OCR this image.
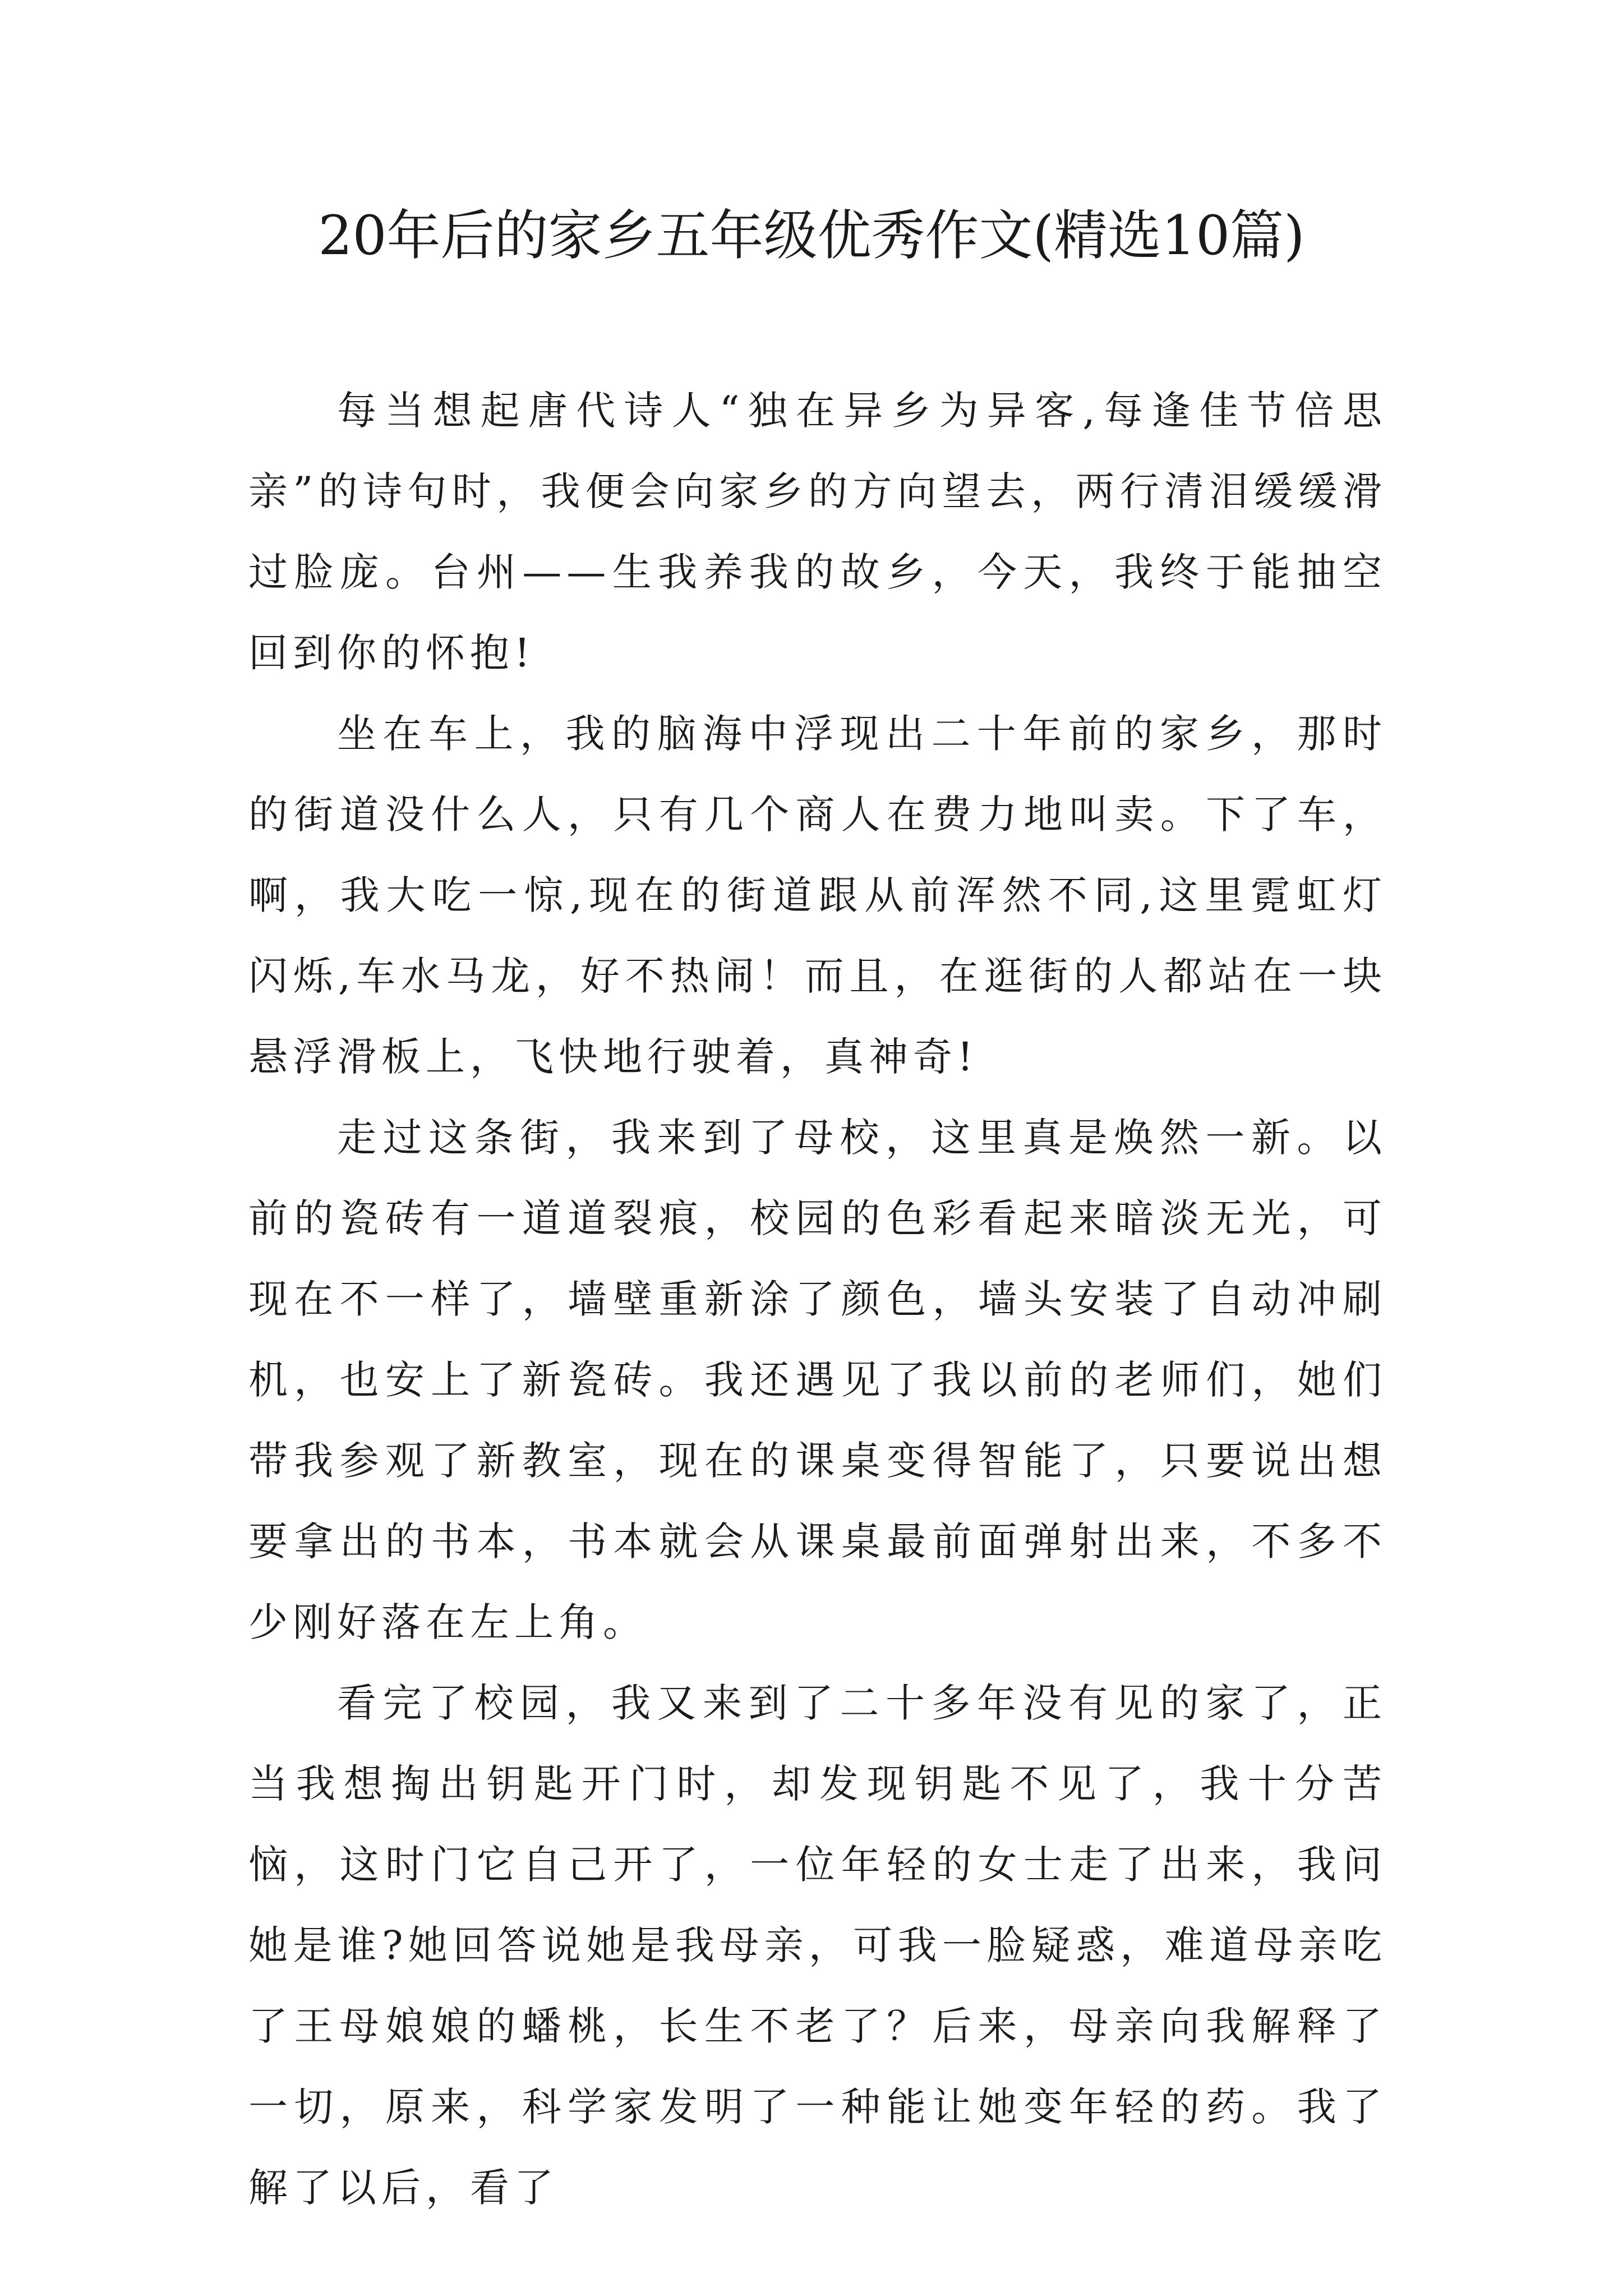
20年后的家乡五年级优秀作文(精选10篇)

每当想起唐代诗人“独在异乡为异客,每逢佳节倍思亲”的诗句时，我便会向家乡的方向望去，两行清泪缓缓滑过脸庞。台州——生我养我的故乡，今天，我终于能抽空回到你的怀抱!

坐在车上，我的脑海中浮现出二十年前的家乡，那时的街道没什么人，只有几个商人在费力地叫卖。下了车，啊，我大吃一惊,现在的街道跟从前浑然不同,这里霓虹灯闪烁,车水马龙，好不热闹！而且，在逛街的人都站在一块悬浮滑板上，飞快地行驶着，真神奇!

走过这条街，我来到了母校，这里真是焕然一新。以前的瓷砖有一道道裂痕，校园的色彩看起来暗淡无光，可现在不一样了，墙壁重新涂了颜色，墙头安装了自动冲刷机，也安上了新瓷砖。我还遇见了我以前的老师们，她们带我参观了新教室，现在的课桌变得智能了，只要说出想要拿出的书本，书本就会从课桌最前面弹射出来，不多不少刚好落在左上角。

看完了校园，我又来到了二十多年没有见的家了，正当我想掏出钥匙开门时，却发现钥匙不见了，我十分苦恼，这时门它自己开了，一位年轻的女士走了出来，我问她是谁?她回答说她是我母亲，可我一脸疑惑，难道母亲吃了王母娘娘的蟠桃，长生不老了？后来，母亲向我解释了一切，原来，科学家发明了一种能让她变年轻的药。我了解了以后，看了
